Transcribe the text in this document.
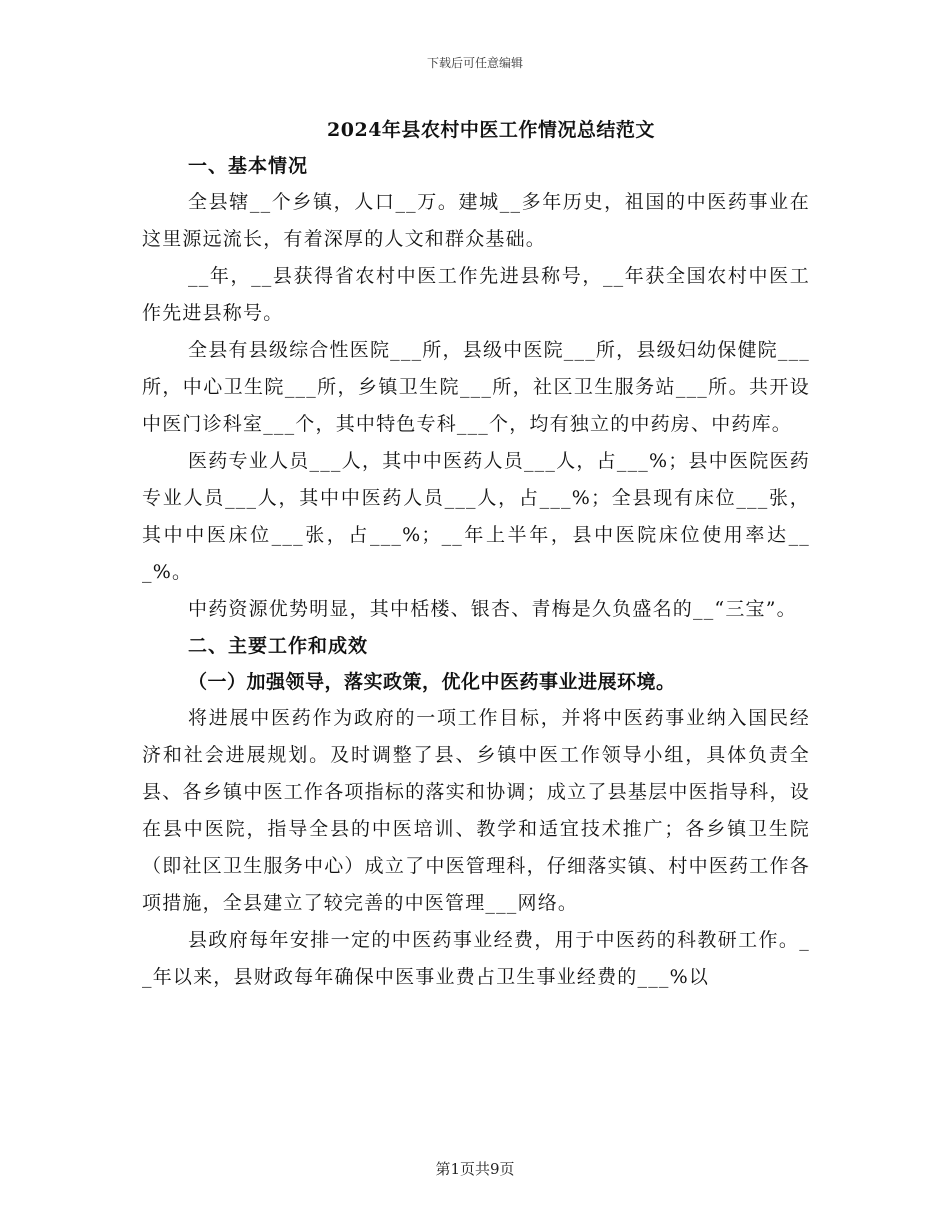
下载后可任意编辑
2024年县农村中医工作情况总结范文
一、基本情况

全县辖__个乡镇，人口__万。建城__多年历史，祖国的中医药事业在这里源远流长，有着深厚的人文和群众基础。

__年，__县获得省农村中医工作先进县称号，__年获全国农村中医工作先进县称号。

全县有县级综合性医院___所，县级中医院___所，县级妇幼保健院___所，中心卫生院___所，乡镇卫生院___所，社区卫生服务站___所。共开设中医门诊科室___个，其中特色专科___个，均有独立的中药房、中药库。

医药专业人员___人，其中中医药人员___人，占___%；县中医院医药专业人员___人，其中中医药人员___人，占___%；全县现有床位___张，其中中医床位___张，占___%；__年上半年，县中医院床位使用率达___%。

中药资源优势明显，其中栝楼、银杏、青梅是久负盛名的__“三宝”。

二、主要工作和成效
（一）加强领导，落实政策，优化中医药事业进展环境。

将进展中医药作为政府的一项工作目标，并将中医药事业纳入国民经济和社会进展规划。及时调整了县、乡镇中医工作领导小组，具体负责全县、各乡镇中医工作各项指标的落实和协调；成立了县基层中医指导科，设在县中医院，指导全县的中医培训、教学和适宜技术推广；各乡镇卫生院（即社区卫生服务中心）成立了中医管理科，仔细落实镇、村中医药工作各项措施，全县建立了较完善的中医管理___网络。

县政府每年安排一定的中医药事业经费，用于中医药的科教研工作。__年以来，县财政每年确保中医事业费占卫生事业经费的___%以

第1页共9页
